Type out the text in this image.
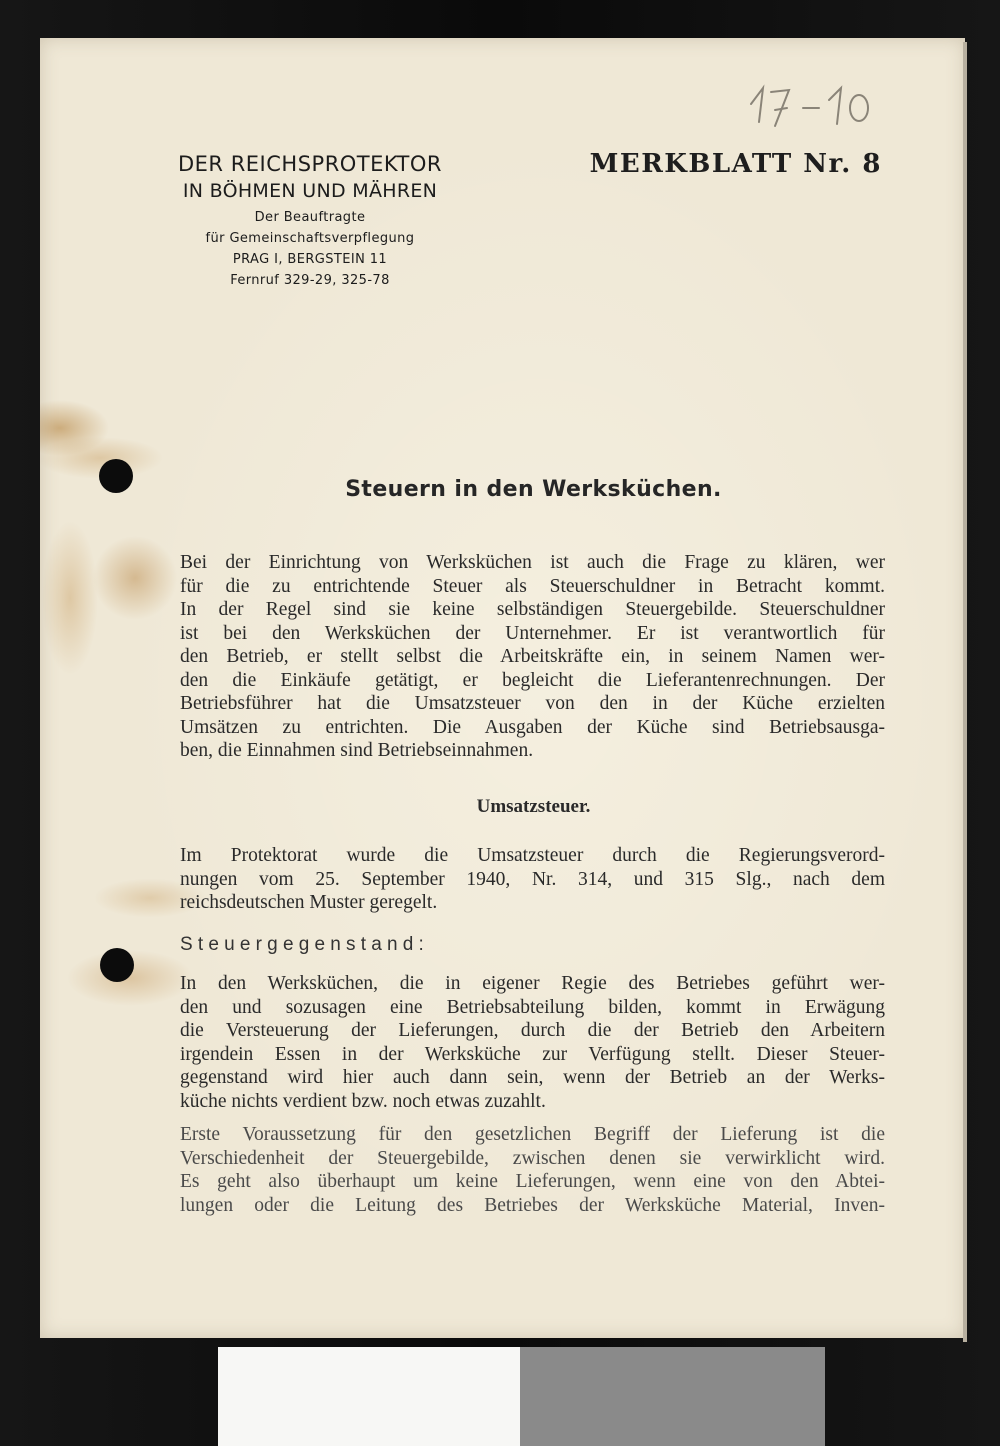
DER REICHSPROTEKTOR
IN BÖHMEN UND MÄHREN
Der Beauftragte
für Gemeinschaftsverpflegung
PRAG I, BERGSTEIN 11
Fernruf 329-29, 325-78
MERKBLATT Nr. 8
Steuern in den Werksküchen.
Bei der Einrichtung von Werksküchen ist auch die Frage zu klären, wer
für die zu entrichtende Steuer als Steuerschuldner in Betracht kommt.
In der Regel sind sie keine selbständigen Steuergebilde. Steuerschuldner
ist bei den Werksküchen der Unternehmer. Er ist verantwortlich für
den Betrieb, er stellt selbst die Arbeitskräfte ein, in seinem Namen wer-
den die Einkäufe getätigt, er begleicht die Lieferantenrechnungen. Der
Betriebsführer hat die Umsatzsteuer von den in der Küche erzielten
Umsätzen zu entrichten. Die Ausgaben der Küche sind Betriebsausga-
ben, die Einnahmen sind Betriebseinnahmen.
Umsatzsteuer.
Im Protektorat wurde die Umsatzsteuer durch die Regierungsverord-
nungen vom 25. September 1940, Nr. 314, und 315 Slg., nach dem
reichsdeutschen Muster geregelt.
Steuergegenstand:
In den Werksküchen, die in eigener Regie des Betriebes geführt wer-
den und sozusagen eine Betriebsabteilung bilden, kommt in Erwägung
die Versteuerung der Lieferungen, durch die der Betrieb den Arbeitern
irgendein Essen in der Werksküche zur Verfügung stellt. Dieser Steuer-
gegenstand wird hier auch dann sein, wenn der Betrieb an der Werks-
küche nichts verdient bzw. noch etwas zuzahlt.
Erste Voraussetzung für den gesetzlichen Begriff der Lieferung ist die
Verschiedenheit der Steuergebilde, zwischen denen sie verwirklicht wird.
Es geht also überhaupt um keine Lieferungen, wenn eine von den Abtei-
lungen oder die Leitung des Betriebes der Werksküche Material, Inven-
